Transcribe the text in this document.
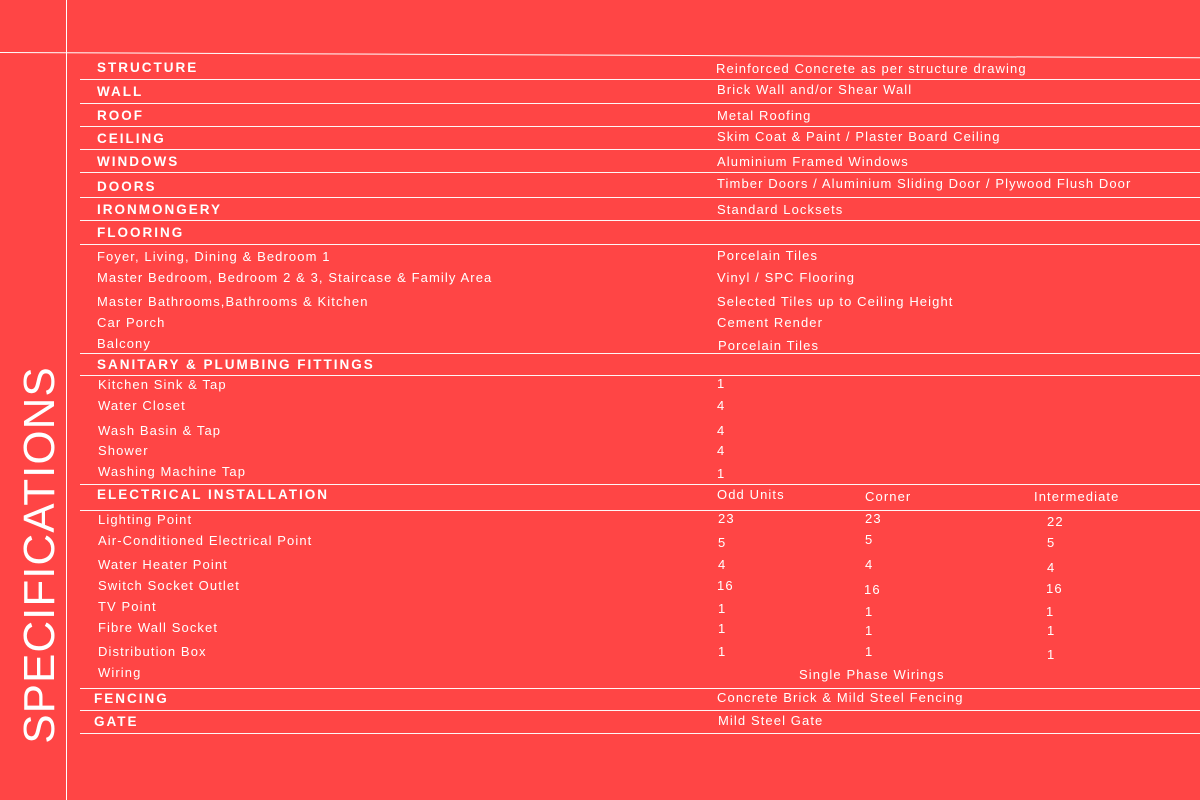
SPECIFICATIONS
STRUCTURE	Reinforced Concrete as per structure drawing
WALL	Brick Wall and/or Shear Wall
ROOF	Metal Roofing
CEILING	Skim Coat & Paint / Plaster Board Ceiling
WINDOWS	Aluminium Framed Windows
DOORS	Timber Doors / Aluminium Sliding Door / Plywood Flush Door
IRONMONGERY	Standard Locksets
FLOORING
Foyer, Living, Dining & Bedroom 1	Porcelain Tiles
Master Bedroom, Bedroom 2 & 3, Staircase & Family Area	Vinyl / SPC Flooring
Master Bathrooms,Bathrooms & Kitchen	Selected Tiles up to Ceiling Height
Car Porch	Cement Render
Balcony	Porcelain Tiles
SANITARY & PLUMBING FITTINGS
Kitchen Sink & Tap	1
Water Closet	4
Wash Basin & Tap	4
Shower	4
Washing Machine Tap	1
ELECTRICAL INSTALLATION	Odd Units	Corner	Intermediate
Lighting Point	23	23	22
Air-Conditioned Electrical Point	5	5	5
Water Heater Point	4	4	4
Switch Socket Outlet	16	16	16
TV Point	1	1	1
Fibre Wall Socket	1	1	1
Distribution Box	1	1	1
Wiring	Single Phase Wirings
FENCING	Concrete Brick & Mild Steel Fencing
GATE	Mild Steel Gate
